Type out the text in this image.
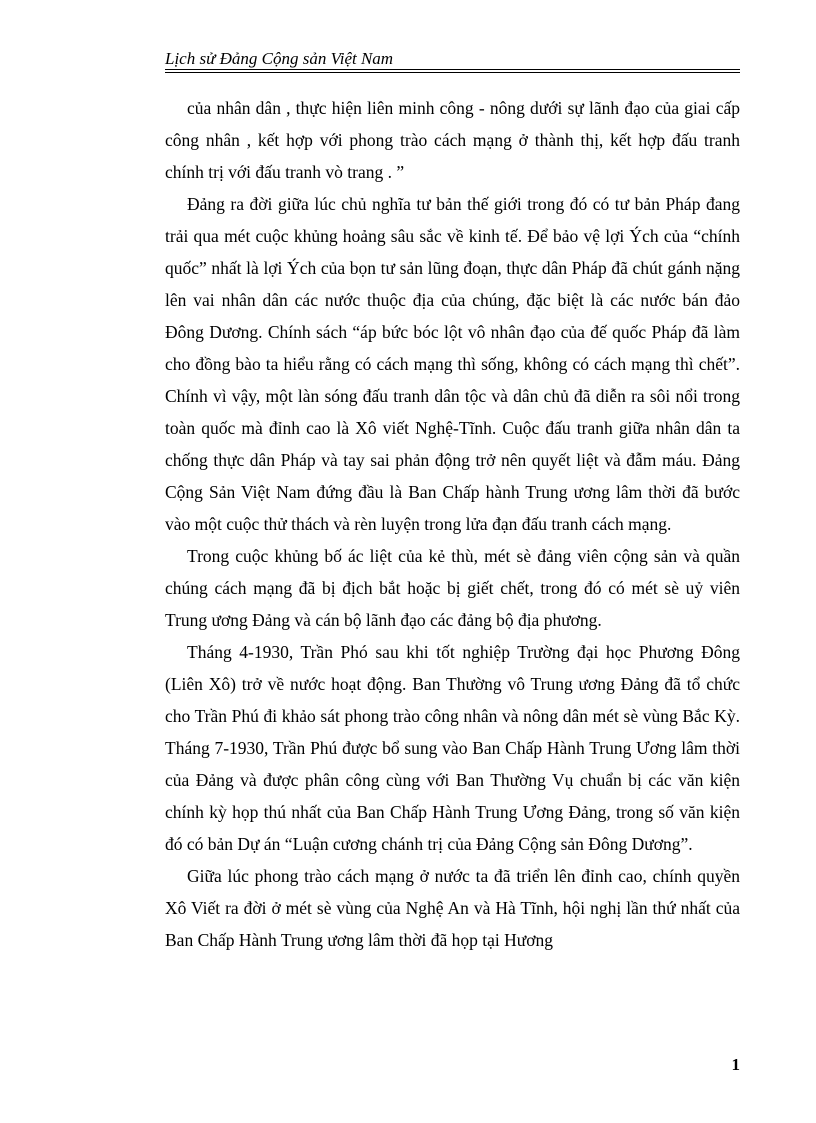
Lịch sử Đảng Cộng sản Việt Nam

của nhân dân , thực hiện liên minh công - nông dưới sự lãnh đạo của giai cấp công nhân , kết hợp với phong trào cách mạng ở thành thị, kết hợp đấu tranh chính trị với đấu tranh vò trang . ”

Đảng ra đời giữa lúc chủ nghĩa tư bản thế giới trong đó có tư bản Pháp đang trải qua mét cuộc khủng hoảng sâu sắc về kinh tế. Để bảo vệ lợi Ých của “chính quốc” nhất là lợi Ých của bọn tư sản lũng đoạn, thực dân Pháp đã chút gánh nặng lên vai nhân dân các nước thuộc địa của chúng, đặc biệt là các nước bán đảo Đông Dương. Chính sách “áp bức bóc lột vô nhân đạo của đế quốc Pháp đã làm cho đồng bào ta hiểu rằng có cách mạng thì sống, không có cách mạng thì chết”. Chính vì vậy, một làn sóng đấu tranh dân tộc và dân chủ đã diễn ra sôi nổi trong toàn quốc mà đỉnh cao là Xô viết Nghệ-Tĩnh. Cuộc đấu tranh giữa nhân dân ta chống thực dân Pháp và tay sai phản động trở nên quyết liệt và đẫm máu. Đảng Cộng Sản Việt Nam đứng đầu là Ban Chấp hành Trung ương lâm thời đã bước vào một cuộc thử thách và rèn luyện trong lửa đạn đấu tranh cách mạng.

Trong cuộc khủng bố ác liệt của kẻ thù, mét sè đảng viên cộng sản và quần chúng cách mạng đã bị địch bắt hoặc bị giết chết, trong đó có mét sè uỷ viên Trung ương Đảng và cán bộ lãnh đạo các đảng bộ địa phương.

Tháng 4-1930, Trần Phó sau khi tốt nghiệp Trường đại học Phương Đông (Liên Xô) trở về nước hoạt động. Ban Thường vô Trung ương Đảng đã tổ chức cho Trần Phú đi khảo sát phong trào công nhân và nông dân mét sè vùng Bắc Kỳ. Tháng 7-1930, Trần Phú được bổ sung vào Ban Chấp Hành Trung Ương lâm thời của Đảng và được phân công cùng với Ban Thường Vụ chuẩn bị các văn kiện chính kỳ họp thú nhất của Ban Chấp Hành Trung Ương Đảng, trong số văn kiện đó có bản Dự án “Luận cương chánh trị của Đảng Cộng sản Đông Dương”.

Giữa lúc phong trào cách mạng ở nước ta đã triển lên đỉnh cao, chính quyền Xô Viết ra đời ở mét sè vùng của Nghệ An và Hà Tĩnh, hội nghị lần thứ nhất của Ban Chấp Hành Trung ương lâm thời đã họp tại Hương

1
